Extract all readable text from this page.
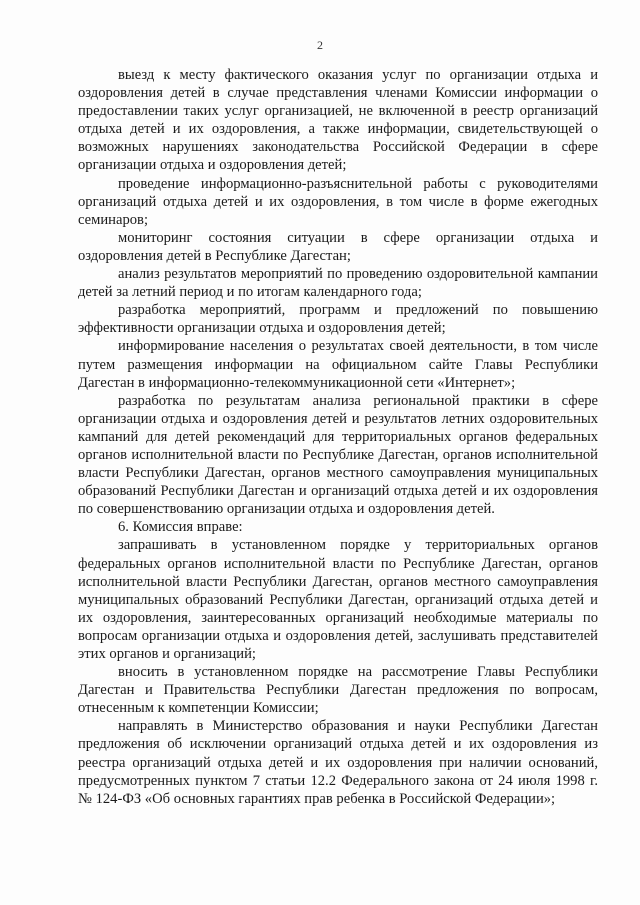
2

выезд к месту фактического оказания услуг по организации отдыха и оздоровления детей в случае представления членами Комиссии информации о предоставлении таких услуг организацией, не включенной в реестр организаций отдыха детей и их оздоровления, а также информации, свидетельствующей о возможных нарушениях законодательства Российской Федерации в сфере организации отдыха и оздоровления детей;

проведение информационно-разъяснительной работы с руководителями организаций отдыха детей и их оздоровления, в том числе в форме ежегодных семинаров;

мониторинг состояния ситуации в сфере организации отдыха и оздоровления детей в Республике Дагестан;

анализ результатов мероприятий по проведению оздоровительной кампании детей за летний период и по итогам календарного года;

разработка мероприятий, программ и предложений по повышению эффективности организации отдыха и оздоровления детей;

информирование населения о результатах своей деятельности, в том числе путем размещения информации на официальном сайте Главы Республики Дагестан в информационно-телекоммуникационной сети «Интернет»;

разработка по результатам анализа региональной практики в сфере организации отдыха и оздоровления детей и результатов летних оздоровительных кампаний для детей рекомендаций для территориальных органов федеральных органов исполнительной власти по Республике Дагестан, органов исполнительной власти Республики Дагестан, органов местного самоуправления муниципальных образований Республики Дагестан и организаций отдыха детей и их оздоровления по совершенствованию организации отдыха и оздоровления детей.

6. Комиссия вправе:

запрашивать в установленном порядке у территориальных органов федеральных органов исполнительной власти по Республике Дагестан, органов исполнительной власти Республики Дагестан, органов местного самоуправления муниципальных образований Республики Дагестан, организаций отдыха детей и их оздоровления, заинтересованных организаций необходимые материалы по вопросам организации отдыха и оздоровления детей, заслушивать представителей этих органов и организаций;

вносить в установленном порядке на рассмотрение Главы Республики Дагестан и Правительства Республики Дагестан предложения по вопросам, отнесенным к компетенции Комиссии;

направлять в Министерство образования и науки Республики Дагестан предложения об исключении организаций отдыха детей и их оздоровления из реестра организаций отдыха детей и их оздоровления при наличии оснований, предусмотренных пунктом 7 статьи 12.2 Федерального закона от 24 июля 1998 г. № 124-ФЗ «Об основных гарантиях прав ребенка в Российской Федерации»;
